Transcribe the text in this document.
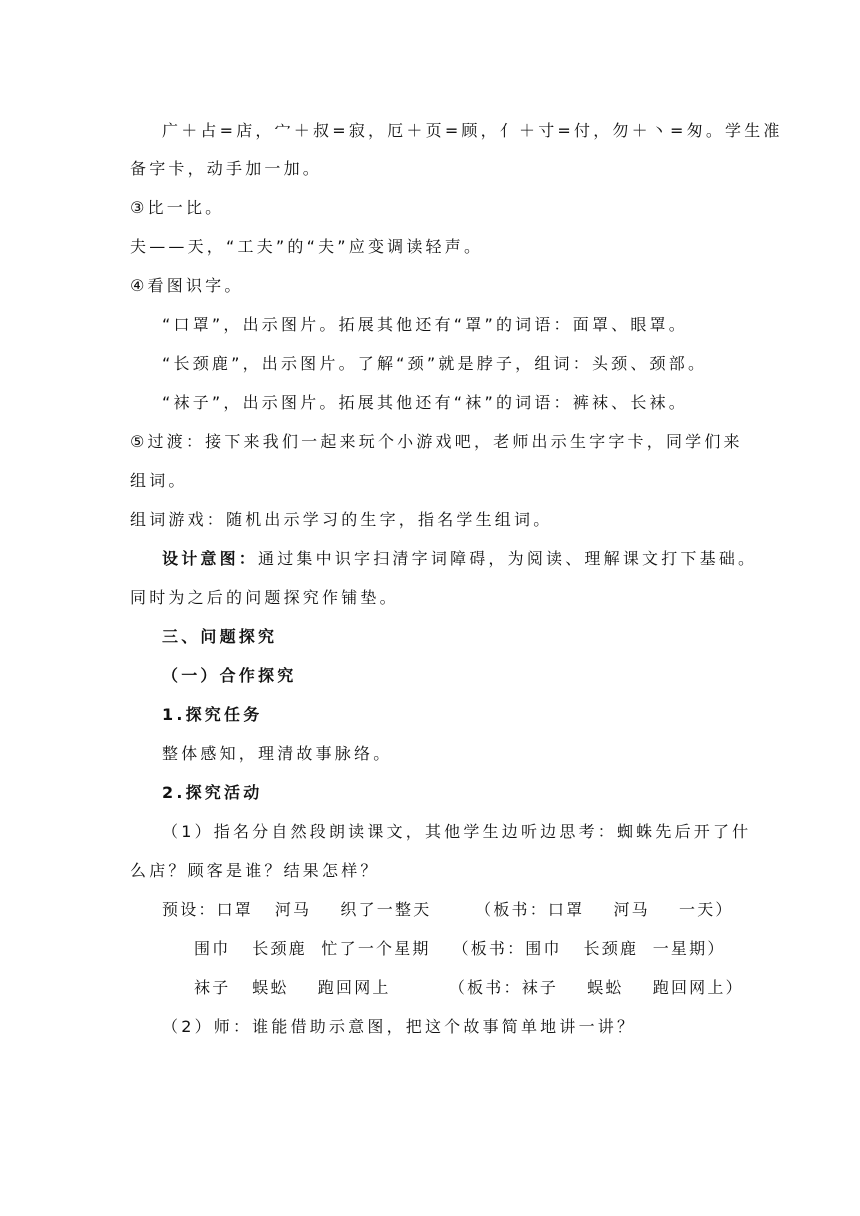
广＋占=店，宀＋叔=寂，厄＋页=顾，亻＋寸=付，勿＋丶=匆。学生准
备字卡，动手加一加。
③比一比。
夫——天，“工夫”的“夫”应变调读轻声。
④看图识字。
“口罩”，出示图片。拓展其他还有“罩”的词语：面罩、眼罩。
“长颈鹿”，出示图片。了解“颈”就是脖子，组词：头颈、颈部。
“袜子”，出示图片。拓展其他还有“袜”的词语：裤袜、长袜。
⑤过渡：接下来我们一起来玩个小游戏吧，老师出示生字字卡，同学们来
组词。
组词游戏：随机出示学习的生字，指名学生组词。
设计意图：通过集中识字扫清字词障碍，为阅读、理解课文打下基础。
同时为之后的问题探究作铺垫。
三、问题探究
（一）合作探究
1.探究任务
整体感知，理清故事脉络。
2.探究活动
（1）指名分自然段朗读课文，其他学生边听边思考：蜘蛛先后开了什
么店？顾客是谁？结果怎样？
预设：口罩   河马    织了一整天      （板书：口罩    河马    一天）
围巾   长颈鹿  忙了一个星期   （板书：围巾   长颈鹿  一星期）
袜子   蜈蚣    跑回网上        （板书：袜子    蜈蚣    跑回网上）
（2）师：谁能借助示意图，把这个故事简单地讲一讲？
